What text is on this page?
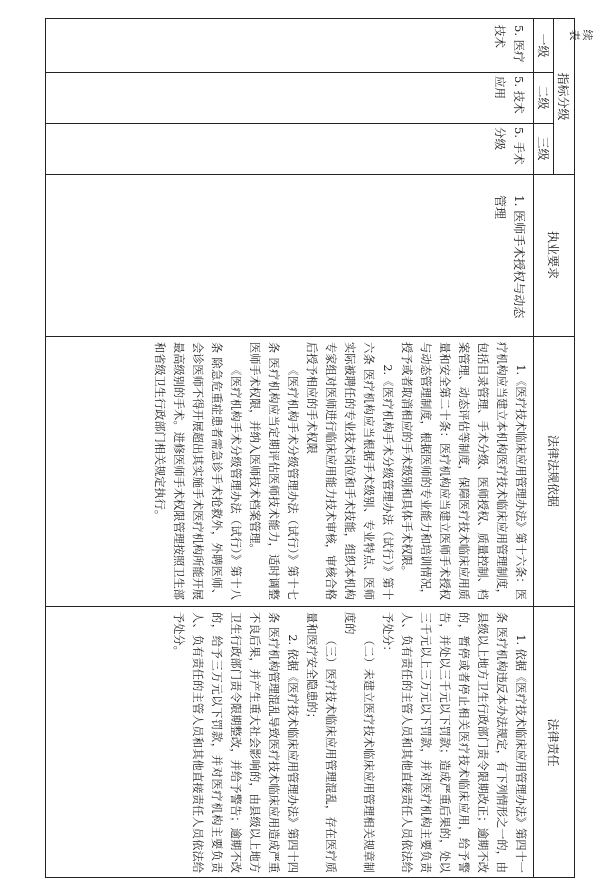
续表
指标分级
一级
二级
三级
执业要求
法律法规依据
法律责任
5. 医疗技术
5. 技术应用
5. 手术分级
1. 医师手术授权与动态管理

1.《医疗技术临床应用管理办法》第十六条：医疗机构应当建立本机构医疗技术临床应用管理制度，包括目录管理、手术分级、医师授权、质量控制、档案管理、动态评估等制度，保障医疗技术临床应用质量和安全第二十条：医疗机构应当建立医师手术授权与动态管理制度，根据医师的专业能力和培训情况，授予或者取消相应的手术级别和具体手术权限。

2.《医疗机构手术分级管理办法（试行）》第十六条 医疗机构应当根据手术级别、专业特点、医师实际被聘任的专业技术岗位和手术技能，组织本机构专家组对医师进行临床应用能力技术审核，审核合格后授予相应的手术权限

《医疗机构手术分级管理办法（试行）》第十七条 医疗机构应当定期评估医师技术能力，适时调整医师手术权限，并纳入医师技术档案管理。

《医疗机构手术分级管理办法（试行）》第十八条 除急危重症患者需急诊手术抢救外，外聘医师、会诊医师不得开展超出其实施手术医疗机构所能开展最高级别的手术。进修医师手术权限管理按照卫生部和省级卫生行政部门相关规定执行。

1. 依据《医疗技术临床应用管理办法》第四十一条 医疗机构违反本办法规定，有下列情形之一的，由县级以上地方卫生行政部门责令限期改正；逾期不改的，暂停或者停止相关医疗技术临床应用，给予警告，并处以三千元以下罚款；造成严重后果的，处以三千元以上三万元以下罚款，并对医疗机构主要负责人、负有责任的主管人员和其他直接责任人员依法给予处分：

（二）未建立医疗技术临床应用管理相关规章制度的

（三）医疗技术临床应用管理混乱，存在医疗质量和医疗安全隐患的；

2. 依据《医疗技术临床应用管理办法》第四十四条 医疗机构管理混乱导致医疗技术临床应用造成严重不良后果，并产生重大社会影响的，由县级以上地方卫生行政部门责令限期整改，并给予警告；逾期不改的，给予三万元以下罚款，并对医疗机构主要负责人、负有责任的主管人员和其他直接责任人员依法给予处分。
